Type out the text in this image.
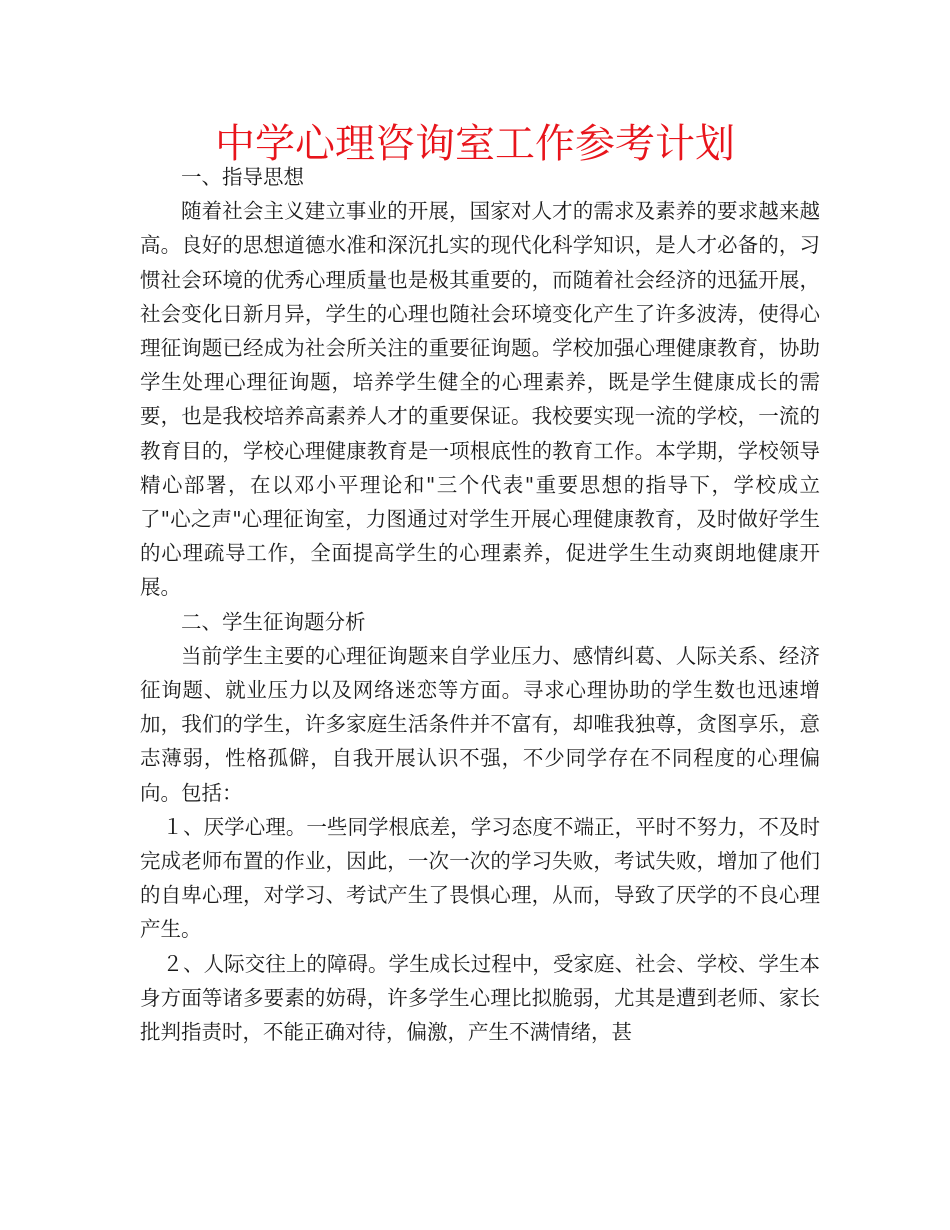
中学心理咨询室工作参考计划

一、指导思想

随着社会主义建立事业的开展，国家对人才的需求及素养的要求越来越高。良好的思想道德水准和深沉扎实的现代化科学知识，是人才必备的，习惯社会环境的优秀心理质量也是极其重要的，而随着社会经济的迅猛开展，社会变化日新月异，学生的心理也随社会环境变化产生了许多波涛，使得心理征询题已经成为社会所关注的重要征询题。学校加强心理健康教育，协助学生处理心理征询题，培养学生健全的心理素养，既是学生健康成长的需要，也是我校培养高素养人才的重要保证。我校要实现一流的学校，一流的教育目的，学校心理健康教育是一项根底性的教育工作。本学期，学校领导精心部署，在以邓小平理论和"三个代表"重要思想的指导下，学校成立了"心之声"心理征询室，力图通过对学生开展心理健康教育，及时做好学生的心理疏导工作，全面提高学生的心理素养，促进学生生动爽朗地健康开展。

二、学生征询题分析

当前学生主要的心理征询题来自学业压力、感情纠葛、人际关系、经济征询题、就业压力以及网络迷恋等方面。寻求心理协助的学生数也迅速增加，我们的学生，许多家庭生活条件并不富有，却唯我独尊，贪图享乐，意志薄弱，性格孤僻，自我开展认识不强，不少同学存在不同程度的心理偏向。包括：

１、厌学心理。一些同学根底差，学习态度不端正，平时不努力，不及时完成老师布置的作业，因此，一次一次的学习失败，考试失败，增加了他们的自卑心理，对学习、考试产生了畏惧心理，从而，导致了厌学的不良心理产生。

２、人际交往上的障碍。学生成长过程中，受家庭、社会、学校、学生本身方面等诸多要素的妨碍，许多学生心理比拟脆弱，尤其是遭到老师、家长批判指责时，不能正确对待，偏激，产生不满情绪，甚
